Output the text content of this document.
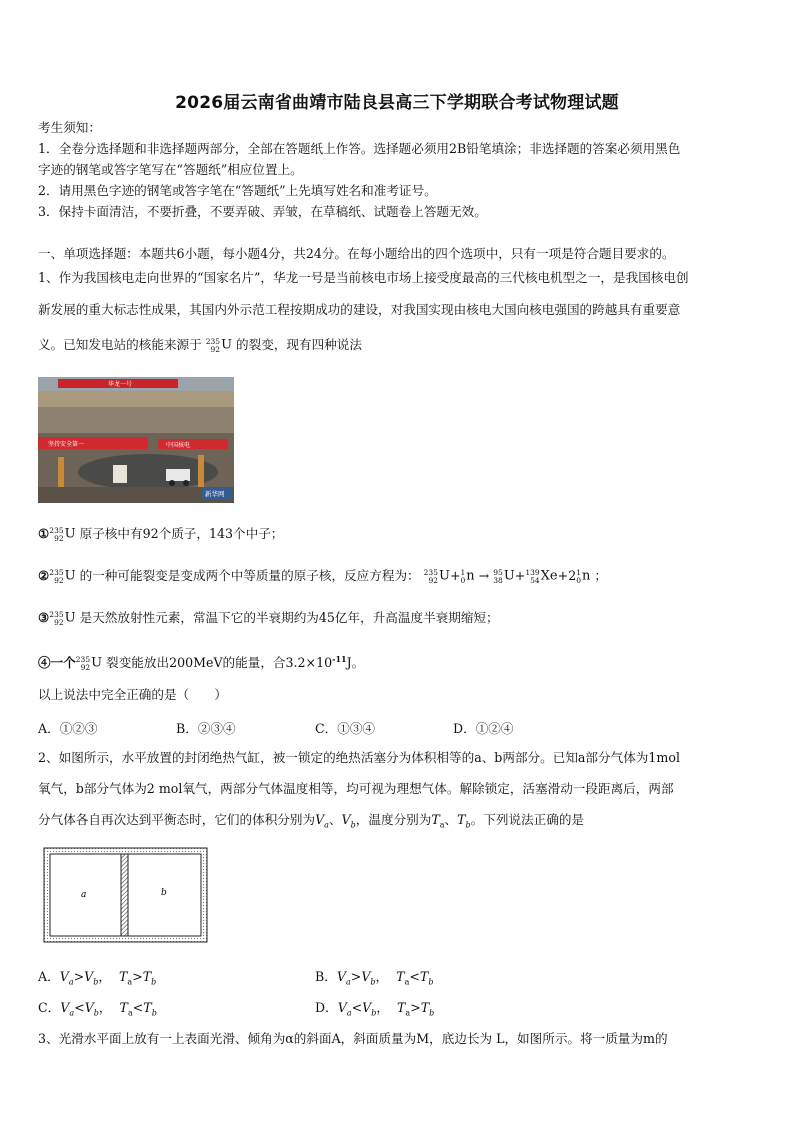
2026届云南省曲靖市陆良县高三下学期联合考试物理试题
考生须知：
1．全卷分选择题和非选择题两部分，全部在答题纸上作答。选择题必须用2B铅笔填涂；非选择题的答案必须用黑色
字迹的钢笔或答字笔写在“答题纸”相应位置上。
2．请用黑色字迹的钢笔或答字笔在“答题纸”上先填写姓名和准考证号。
3．保持卡面清洁，不要折叠，不要弄破、弄皱，在草稿纸、试题卷上答题无效。
一、单项选择题：本题共6小题，每小题4分，共24分。在每小题给出的四个选项中，只有一项是符合题目要求的。
1、作为我国核电走向世界的“国家名片”，华龙一号是当前核电市场上接受度最高的三代核电机型之一，是我国核电创
新发展的重大标志性成果，其国内外示范工程按期成功的建设，对我国实现由核电大国向核电强国的跨越具有重要意
义。已知发电站的核能来源于 235
92 U 的裂变，现有四种说法
华龙一号
坚持安全第一	中国核电
新华网
① 235
92 U 原子核中有92个质子，143个中子；
② 235
92 U 的一种可能裂变是变成两个中等质量的原子核，反应方程为： 235
92 U+ 1
0 n → 95
38 U+ 139
54 Xe+2 1
0 n ；
③ 235
92 U 是天然放射性元素，常温下它的半衰期约为45亿年，升高温度半衰期缩短；
④一个 235
92 U 裂变能放出200MeV的能量，合$3.2\times 10^{-11}J$。
以上说法中完全正确的是（　　）
A．①②③	B．②③④	C．①③④	D．①②④
2、如图所示，水平放置的封闭绝热气缸，被一锁定的绝热活塞分为体积相等的a、b两部分。已知a部分气体为1mol
氧气，b部分气体为2 mol氧气，两部分气体温度相等，均可视为理想气体。解除锁定，活塞滑动一段距离后，两部
分气体各自再次达到平衡态时，它们的体积分别为$V_a$、$V_b$，温度分别为$T_a$、$T_b$。下列说法正确的是
a	b
A．$V_a>V_b$，  $T_a>T_b$	B．$V_a>V_b$，  $T_a<T_b$
C．$V_a<V_b$，  $T_a<T_b$	D．$V_a<V_b$，  $T_a>T_b$
3、光滑水平面上放有一上表面光滑、倾角为α的斜面A，斜面质量为M，底边长为 L，如图所示。将一质量为m的
